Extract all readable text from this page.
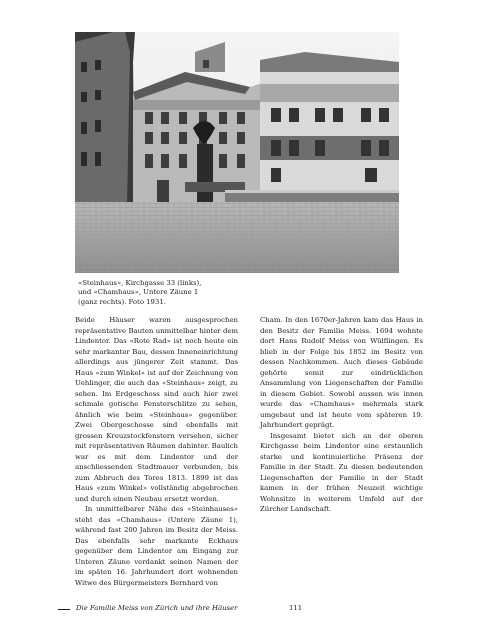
«Steinhaus», Kirchgasse 33 (links),
und «Chamhaus», Untere Zäune 1
(ganz rechts). Foto 1931.

Beide Häuser waren ausgesprochen repräsentative Bauten unmittelbar hinter dem Lindentor. Das «Rote Rad» ist noch heute ein sehr markanter Bau, dessen Inneneinrichtung allerdings aus jüngerer Zeit stammt. Das Haus «zum Winkel» ist auf der Zeichnung von Uehlinger, die auch das «Steinhaus» zeigt, zu sehen. Im Erdgeschoss sind auch hier zwei schmale gotische Fensterschlitze zu sehen, ähnlich wie beim «Steinhaus» gegenüber. Zwei Obergeschosse sind ebenfalls mit grossen Kreuzstockfenstern versehen, sicher mit repräsentativen Räumen dahinter. Baulich war es mit dem Lindentor und der anschliessenden Stadtmauer verbunden, bis zum Abbruch des Tores 1813. 1899 ist das Haus «zum Winkel» vollständig abgebrochen und durch einen Neubau ersetzt worden.

In unmittelbarer Nähe des «Steinhauses» steht das «Chamhaus» (Untere Zäune 1), während fast 200 Jahren im Besitz der Meiss. Das ebenfalls sehr markante Eckhaus gegenüber dem Lindentor am Eingang zur Unteren Zäune verdankt seinen Namen der im späten 16. Jahrhundert dort wohnenden Witwe des Bürgermeisters Bernhard von

Cham. In den 1670er-Jahren kam das Haus in den Besitz der Familie Meiss. 1694 wohnte dort Hans Rudolf Meiss von Wülflingen. Es blieb in der Folge bis 1852 im Besitz von dessen Nachkommen. Auch dieses Gebäude gehörte somit zur eindrücklichen Ansammlung von Liegenschaften der Familie in diesem Gebiet. Sowohl aussen wie innen wurde das «Chamhaus» mehrmals stark umgebaut und ist heute vom späteren 19. Jahrhundert geprägt.

Insgesamt bietet sich an der oberen Kirchgasse beim Lindentor eine erstaunlich starke und kontinuierliche Präsenz der Familie in der Stadt. Zu diesen bedeutenden Liegenschaften der Familie in der Stadt kamen in der frühen Neuzeit wichtige Wohnsitze in weiterem Umfeld auf der Zürcher Landschaft.

Die Familie Meiss von Zürich und ihre Häuser	111
